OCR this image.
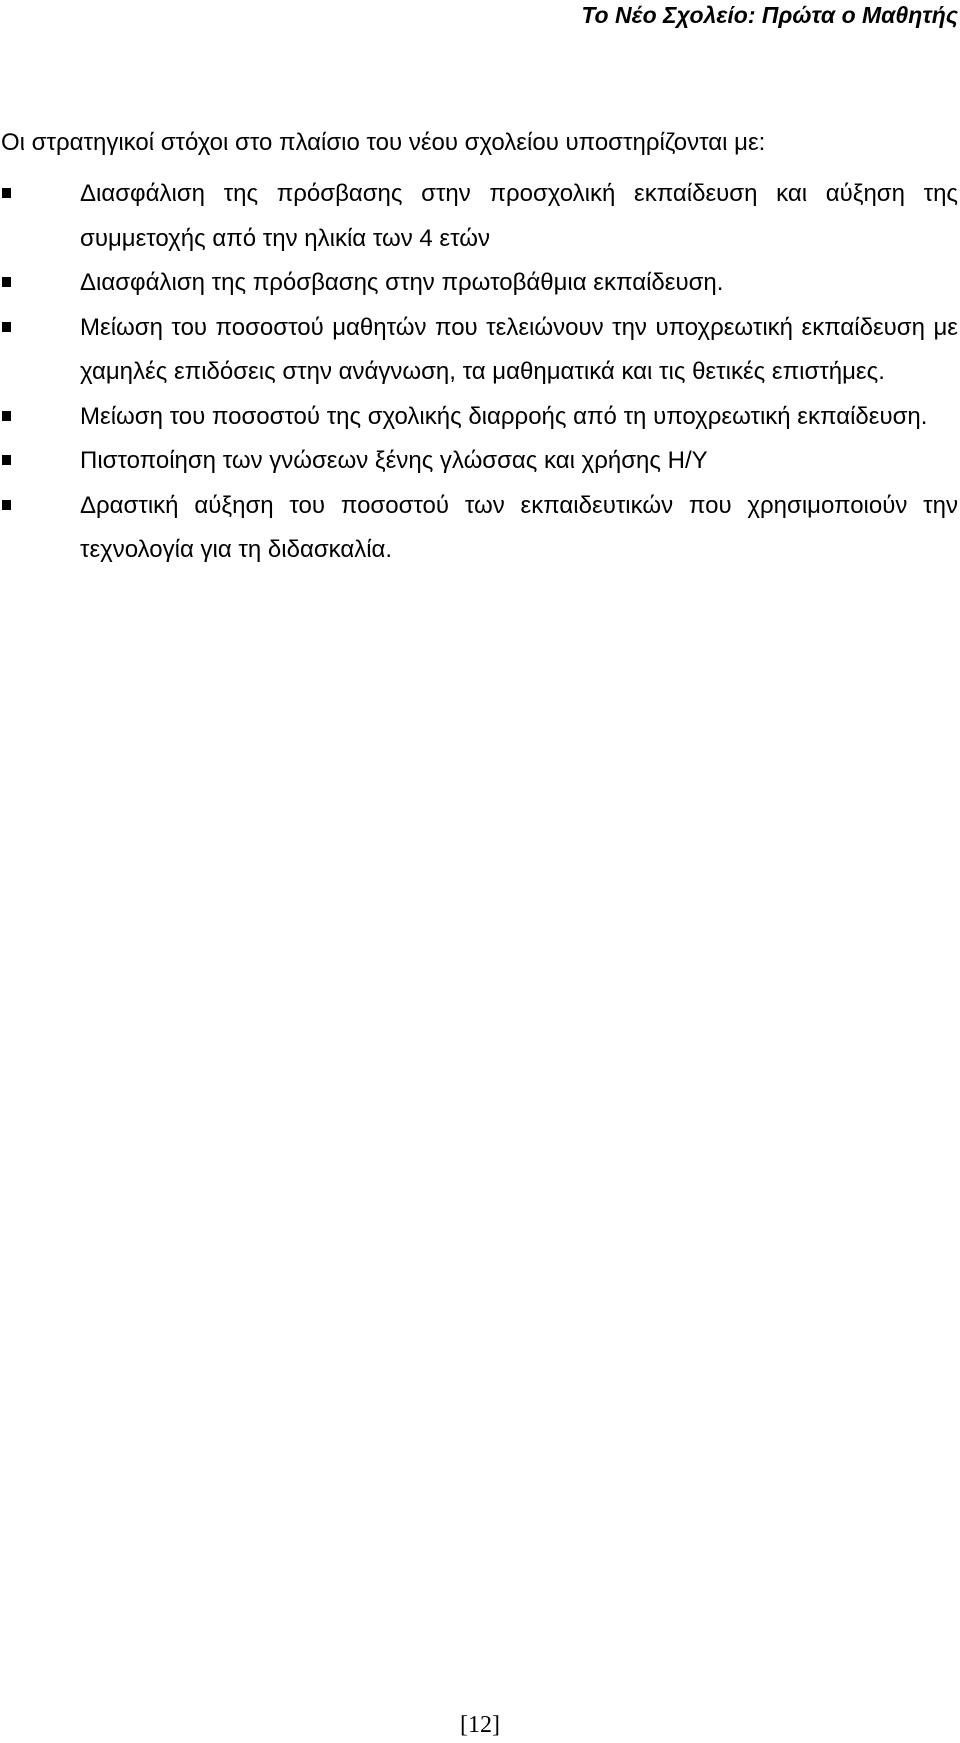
Το Νέο Σχολείο: Πρώτα ο Μαθητής
Οι στρατηγικοί στόχοι στο πλαίσιο του νέου σχολείου υποστηρίζονται με:
Διασφάλιση της πρόσβασης στην προσχολική εκπαίδευση και αύξηση της συμμετοχής από την ηλικία των 4 ετών
Διασφάλιση της πρόσβασης στην πρωτοβάθμια εκπαίδευση.
Μείωση του ποσοστού μαθητών που τελειώνουν την υποχρεωτική εκπαίδευση με χαμηλές επιδόσεις στην ανάγνωση, τα μαθηματικά και τις θετικές επιστήμες.
Μείωση του ποσοστού της σχολικής διαρροής από τη υποχρεωτική εκπαίδευση.
Πιστοποίηση των γνώσεων ξένης γλώσσας και χρήσης Η/Υ
Δραστική αύξηση του ποσοστού των εκπαιδευτικών που χρησιμοποιούν την τεχνολογία για τη διδασκαλία.
[12]
